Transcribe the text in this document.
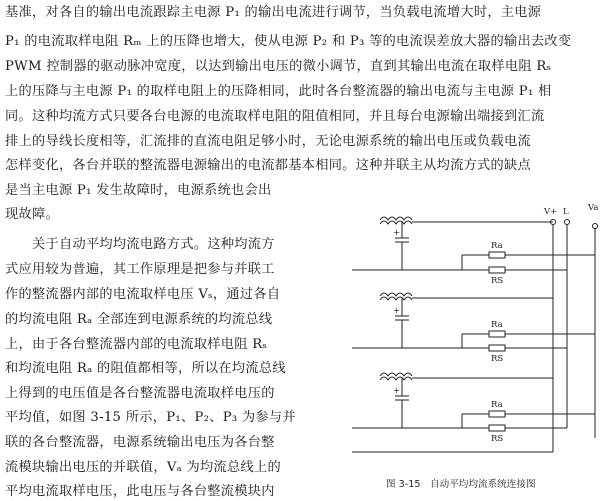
基准，对各自的输出电流跟踪主电源 P₁ 的输出电流进行调节，当负载电流增大时，主电源
P₁ 的电流取样电阻 Rₘ 上的压降也增大，使从电源 P₂ 和 P₃ 等的电流误差放大器的输出去改变
PWM 控制器的驱动脉冲宽度，以达到输出电压的微小调节，直到其输出电流在取样电阻 Rₛ
上的压降与主电源 P₁ 的取样电阻上的压降相同，此时各台整流器的输出电流与主电源 P₁ 相
同。这种均流方式只要各台电源的电流取样电阻的阻值相同，并且每台电源输出端接到汇流
排上的导线长度相等，汇流排的直流电阻足够小时，无论电源系统的输出电压或负载电流
怎样变化，各台并联的整流器电源输出的电流都基本相同。这种并联主从均流方式的缺点
是当主电源 P₁ 发生故障时，电源系统也会出
现故障。
关于自动平均均流电路方式。这种均流方
式应用较为普遍，其工作原理是把参与并联工
作的整流器内部的电流取样电压 Vₛ，通过各自
的均流电阻 Rₐ 全部连到电源系统的均流总线
上，由于各台整流器内部的电流取样电阻 Rₛ
和均流电阻 Rₐ 的阻值都相等，所以在均流总线
上得到的电压值是各台整流器电流取样电压的
平均值，如图 3-15 所示，P₁、P₂、P₃ 为参与并
联的各台整流器，电源系统输出电压为各台整
流模块输出电压的并联值，Vₐ 为均流总线上的
+
+
+
V+ L Va
Ra
RS
Ra
RS
Ra
RS
图 3-15　自动平均均流系统连接图
平均电流取样电压，此电压与各台整流模块内
